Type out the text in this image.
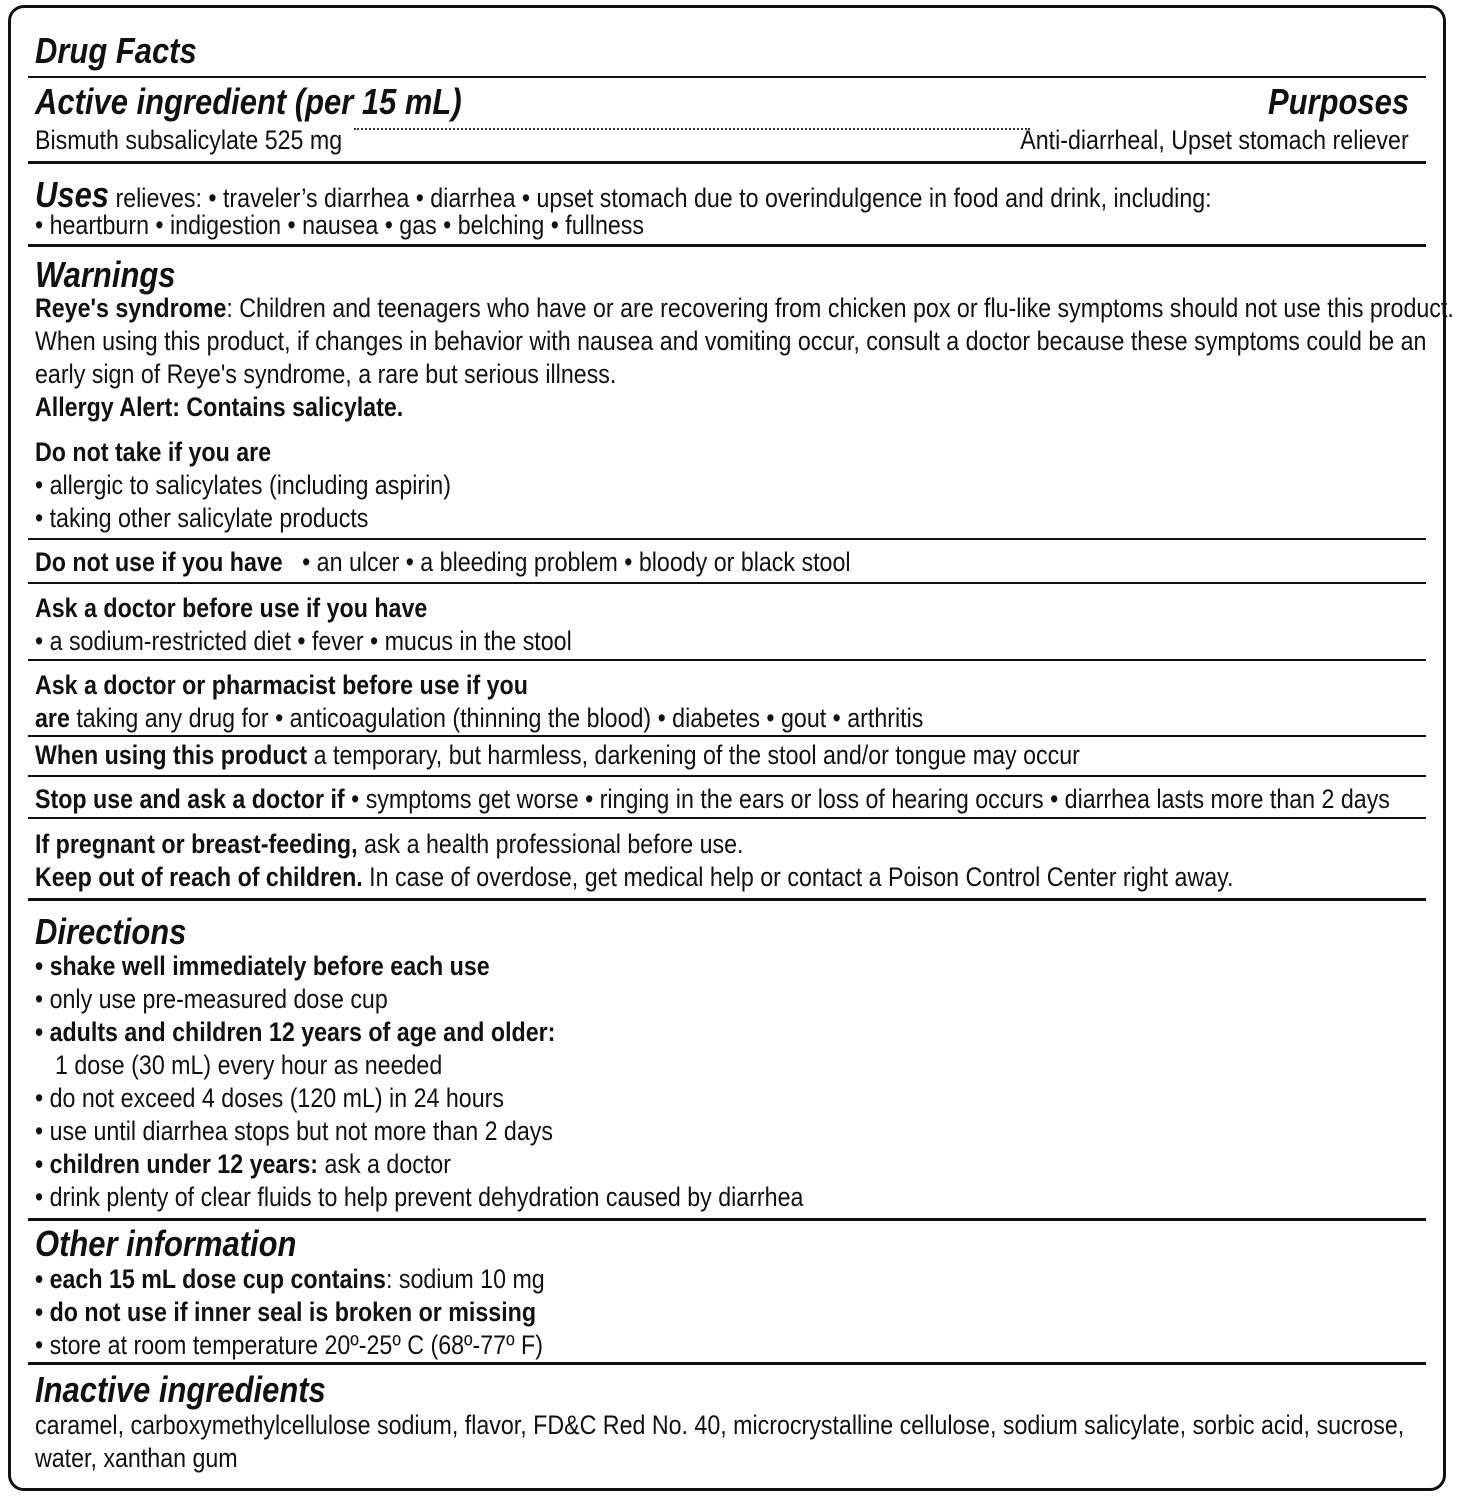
Drug Facts
Active ingredient (per 15 mL)	Purposes
Bismuth subsalicylate 525 mg	Anti-diarrheal, Upset stomach reliever
Uses relieves: • traveler’s diarrhea • diarrhea • upset stomach due to overindulgence in food and drink, including:
• heartburn • indigestion • nausea • gas • belching • fullness
Warnings
Reye's syndrome: Children and teenagers who have or are recovering from chicken pox or flu-like symptoms should not use this product.
When using this product, if changes in behavior with nausea and vomiting occur, consult a doctor because these symptoms could be an
early sign of Reye's syndrome, a rare but serious illness.
Allergy Alert: Contains salicylate.
Do not take if you are
• allergic to salicylates (including aspirin)
• taking other salicylate products
Do not use if you have • an ulcer • a bleeding problem • bloody or black stool
Ask a doctor before use if you have
• a sodium-restricted diet • fever • mucus in the stool
Ask a doctor or pharmacist before use if you
are taking any drug for • anticoagulation (thinning the blood) • diabetes • gout • arthritis
When using this product a temporary, but harmless, darkening of the stool and/or tongue may occur
Stop use and ask a doctor if • symptoms get worse • ringing in the ears or loss of hearing occurs • diarrhea lasts more than 2 days
If pregnant or breast-feeding, ask a health professional before use.
Keep out of reach of children. In case of overdose, get medical help or contact a Poison Control Center right away.
Directions
• shake well immediately before each use
• only use pre-measured dose cup
• adults and children 12 years of age and older:
1 dose (30 mL) every hour as needed
• do not exceed 4 doses (120 mL) in 24 hours
• use until diarrhea stops but not more than 2 days
• children under 12 years: ask a doctor
• drink plenty of clear fluids to help prevent dehydration caused by diarrhea
Other information
• each 15 mL dose cup contains: sodium 10 mg
• do not use if inner seal is broken or missing
• store at room temperature 20º-25º C (68º-77º F)
Inactive ingredients
caramel, carboxymethylcellulose sodium, flavor, FD&C Red No. 40, microcrystalline cellulose, sodium salicylate, sorbic acid, sucrose,
water, xanthan gum
